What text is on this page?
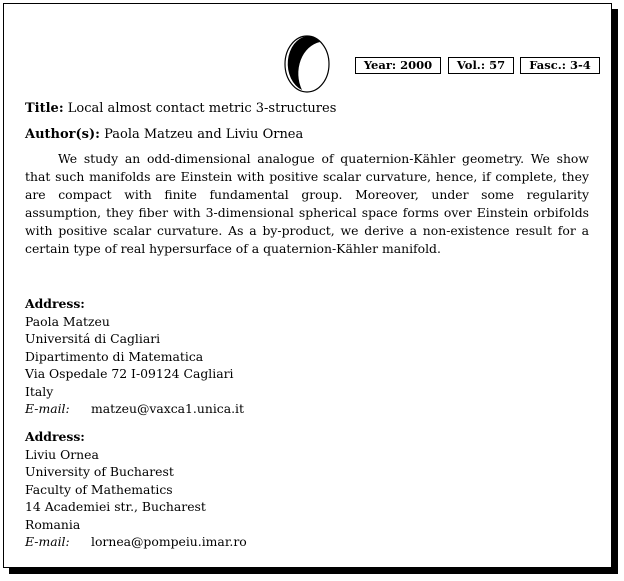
Year: 2000	Vol.: 57	Fasc.: 3-4
Title: Local almost contact metric 3-structures
Author(s): Paola Matzeu and Liviu Ornea

We study an odd-dimensional analogue of quaternion-Kähler geometry. We show that such manifolds are Einstein with positive scalar curvature, hence, if complete, they are compact with finite fundamental group. Moreover, under some regularity assumption, they fiber with 3-dimensional spherical space forms over Einstein orbifolds with positive scalar curvature. As a by-product, we derive a non-existence result for a certain type of real hypersurface of a quaternion-Kähler manifold.

Address:
Paola Matzeu
Universitá di Cagliari
Dipartimento di Matematica
Via Ospedale 72 I-09124 Cagliari
Italy
E-mail: matzeu@vaxca1.unica.it
Address:
Liviu Ornea
University of Bucharest
Faculty of Mathematics
14 Academiei str., Bucharest
Romania
E-mail: lornea@pompeiu.imar.ro
